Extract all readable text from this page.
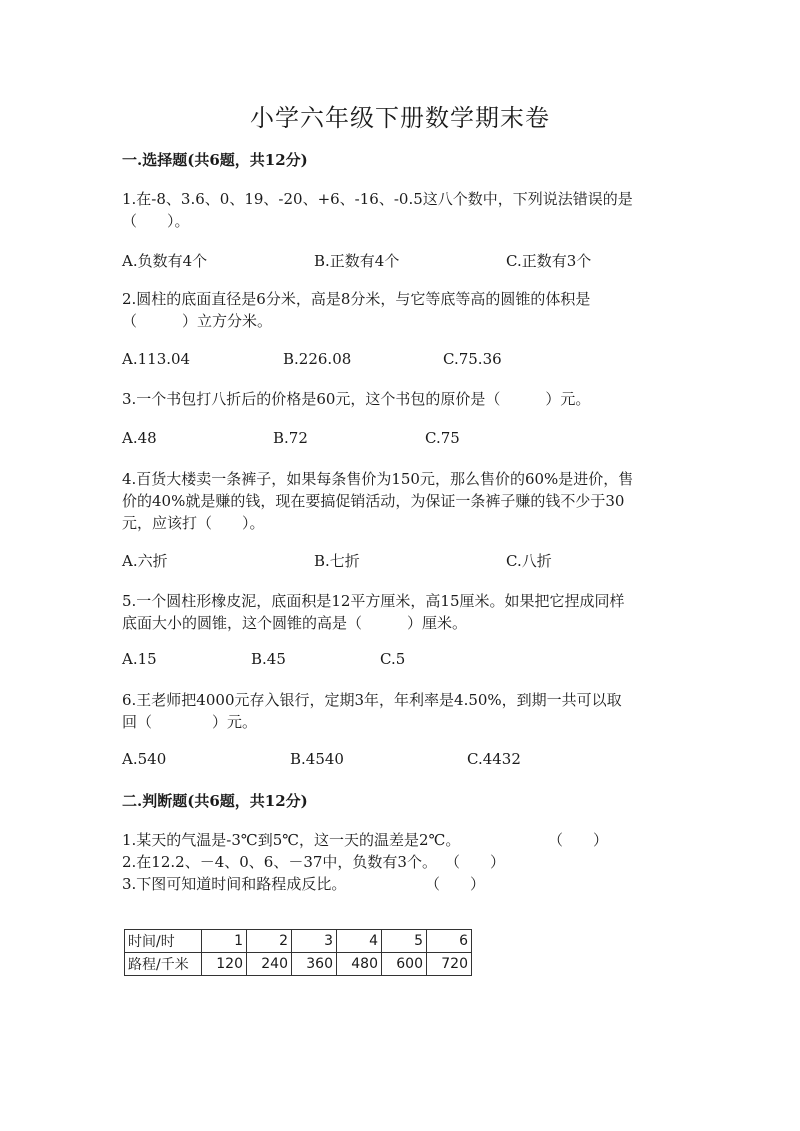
小学六年级下册数学期末卷
一.选择题(共6题，共12分)
1.在-8、3.6、0、19、-20、+6、-16、-0.5这八个数中，下列说法错误的是
（　　）。
A.负数有4个	B.正数有4个	C.正数有3个
2.圆柱的底面直径是6分米，高是8分米，与它等底等高的圆锥的体积是
（　　　）立方分米。
A.113.04	B.226.08	C.75.36
3.一个书包打八折后的价格是60元，这个书包的原价是（　　　）元。
A.48	B.72	C.75
4.百货大楼卖一条裤子，如果每条售价为150元，那么售价的60%是进价，售
价的40%就是赚的钱，现在要搞促销活动，为保证一条裤子赚的钱不少于30
元，应该打（　　）。
A.六折	B.七折	C.八折
5.一个圆柱形橡皮泥，底面积是12平方厘米，高15厘米。如果把它捏成同样
底面大小的圆锥，这个圆锥的高是（　　　）厘米。
A.15	B.45	C.5
6.王老师把4000元存入银行，定期3年，年利率是4.50%，到期一共可以取
回（　　　　）元。
A.540	B.4540	C.4432
二.判断题(共6题，共12分)
1.某天的气温是-3℃到5℃，这一天的温差是2℃。	（　　）
2.在12.2、－4、0、6、－37中，负数有3个。 （　　）
3.下图可知道时间和路程成反比。	（　　）
时间/时	1	2	3	4	5	6
路程/千米	120	240	360	480	600	720
